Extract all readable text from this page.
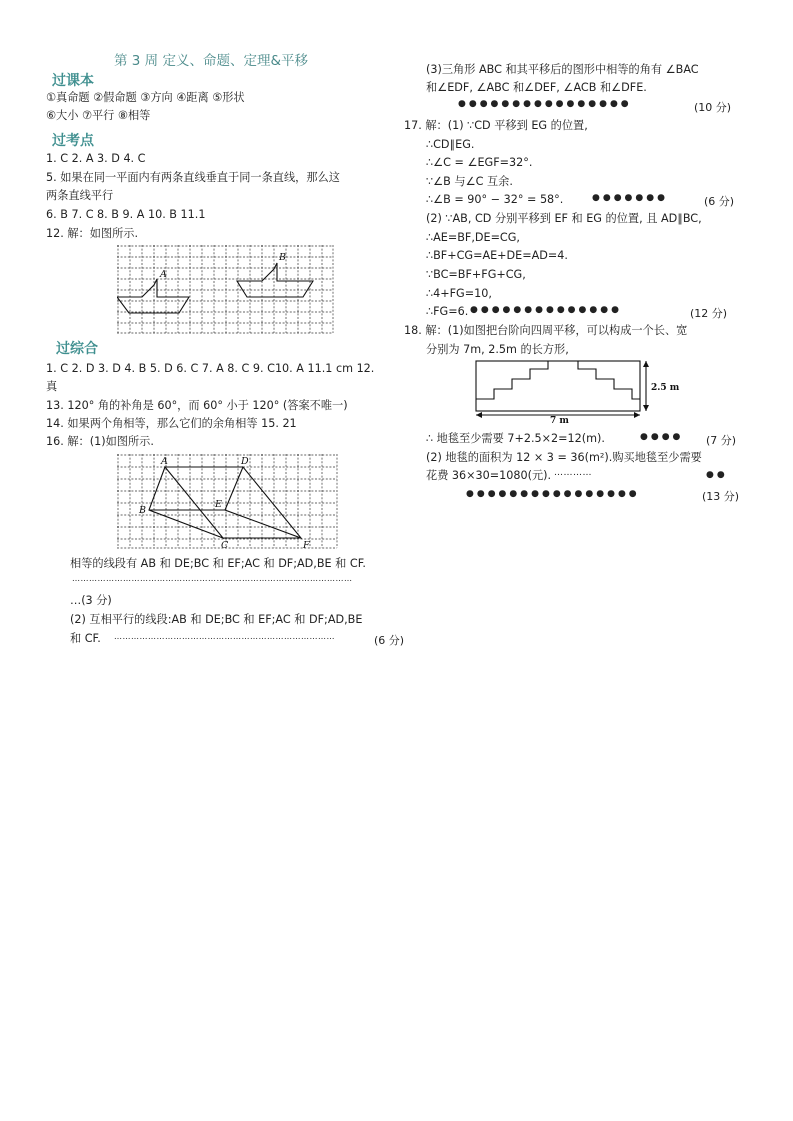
第 3 周 定义、命题、定理&平移
过课本
①真命题 ②假命题 ③方向 ④距离 ⑤形状
⑥大小 ⑦平行 ⑧相等
过考点
1. C 2. A 3. D 4. C
5. 如果在同一平面内有两条直线垂直于同一条直线，那么这
两条直线平行
6. B 7. C 8. B 9. A 10. B 11.1
12. 解：如图所示.
A
B
过综合
1. C 2. D 3. D 4. B 5. D 6. C 7. A 8. C 9. C10. A 11.1 cm 12.
真
13. 120° 角的补角是 60°，而 60° 小于 120° (答案不唯一)
14. 如果两个角相等，那么它们的余角相等 15. 21
16. 解：(1)如图所示.
A	D
B
E
C	F
相等的线段有 AB 和 DE;BC 和 EF;AC 和 DF;AD,BE 和 CF.
………………………………………………………………………………………
…(3 分)
(2) 互相平行的线段:AB 和 DE;BC 和 EF;AC 和 DF;AD,BE
和 CF. ……………………………………………………………………	(6 分)
(3)三角形 ABC 和其平移后的图形中相等的角有 ∠BAC
和∠EDF, ∠ABC 和∠DEF, ∠ACB 和∠DFE.
●●●●●●●●●●●●●●●●	(10 分)
17. 解：(1) ∵CD 平移到 EG 的位置,
∴CD∥EG.
∴∠C = ∠EGF=32°.
∵∠B 与∠C 互余.
∴∠B = 90° − 32° = 58°.	●●●●●●●	(6 分)
(2) ∵AB, CD 分别平移到 EF 和 EG 的位置, 且 AD∥BC,
∴AE=BF,DE=CG,
∴BF+CG=AE+DE=AD=4.
∵BC=BF+FG+CG,
∴4+FG=10,
∴FG=6. ●●●●●●●●●●●●●●	(12 分)
18. 解：(1)如图把台阶向四周平移，可以构成一个长、宽
分别为 7m, 2.5m 的长方形,
2.5 m
7 m
∴ 地毯至少需要 7+2.5×2=12(m).	●●●● (7 分)
(2) 地毯的面积为 12 × 3 = 36(m²).购买地毯至少需要
花费 36×30=1080(元). …………	●●
●●●●●●●●●●●●●●●●	(13 分)
